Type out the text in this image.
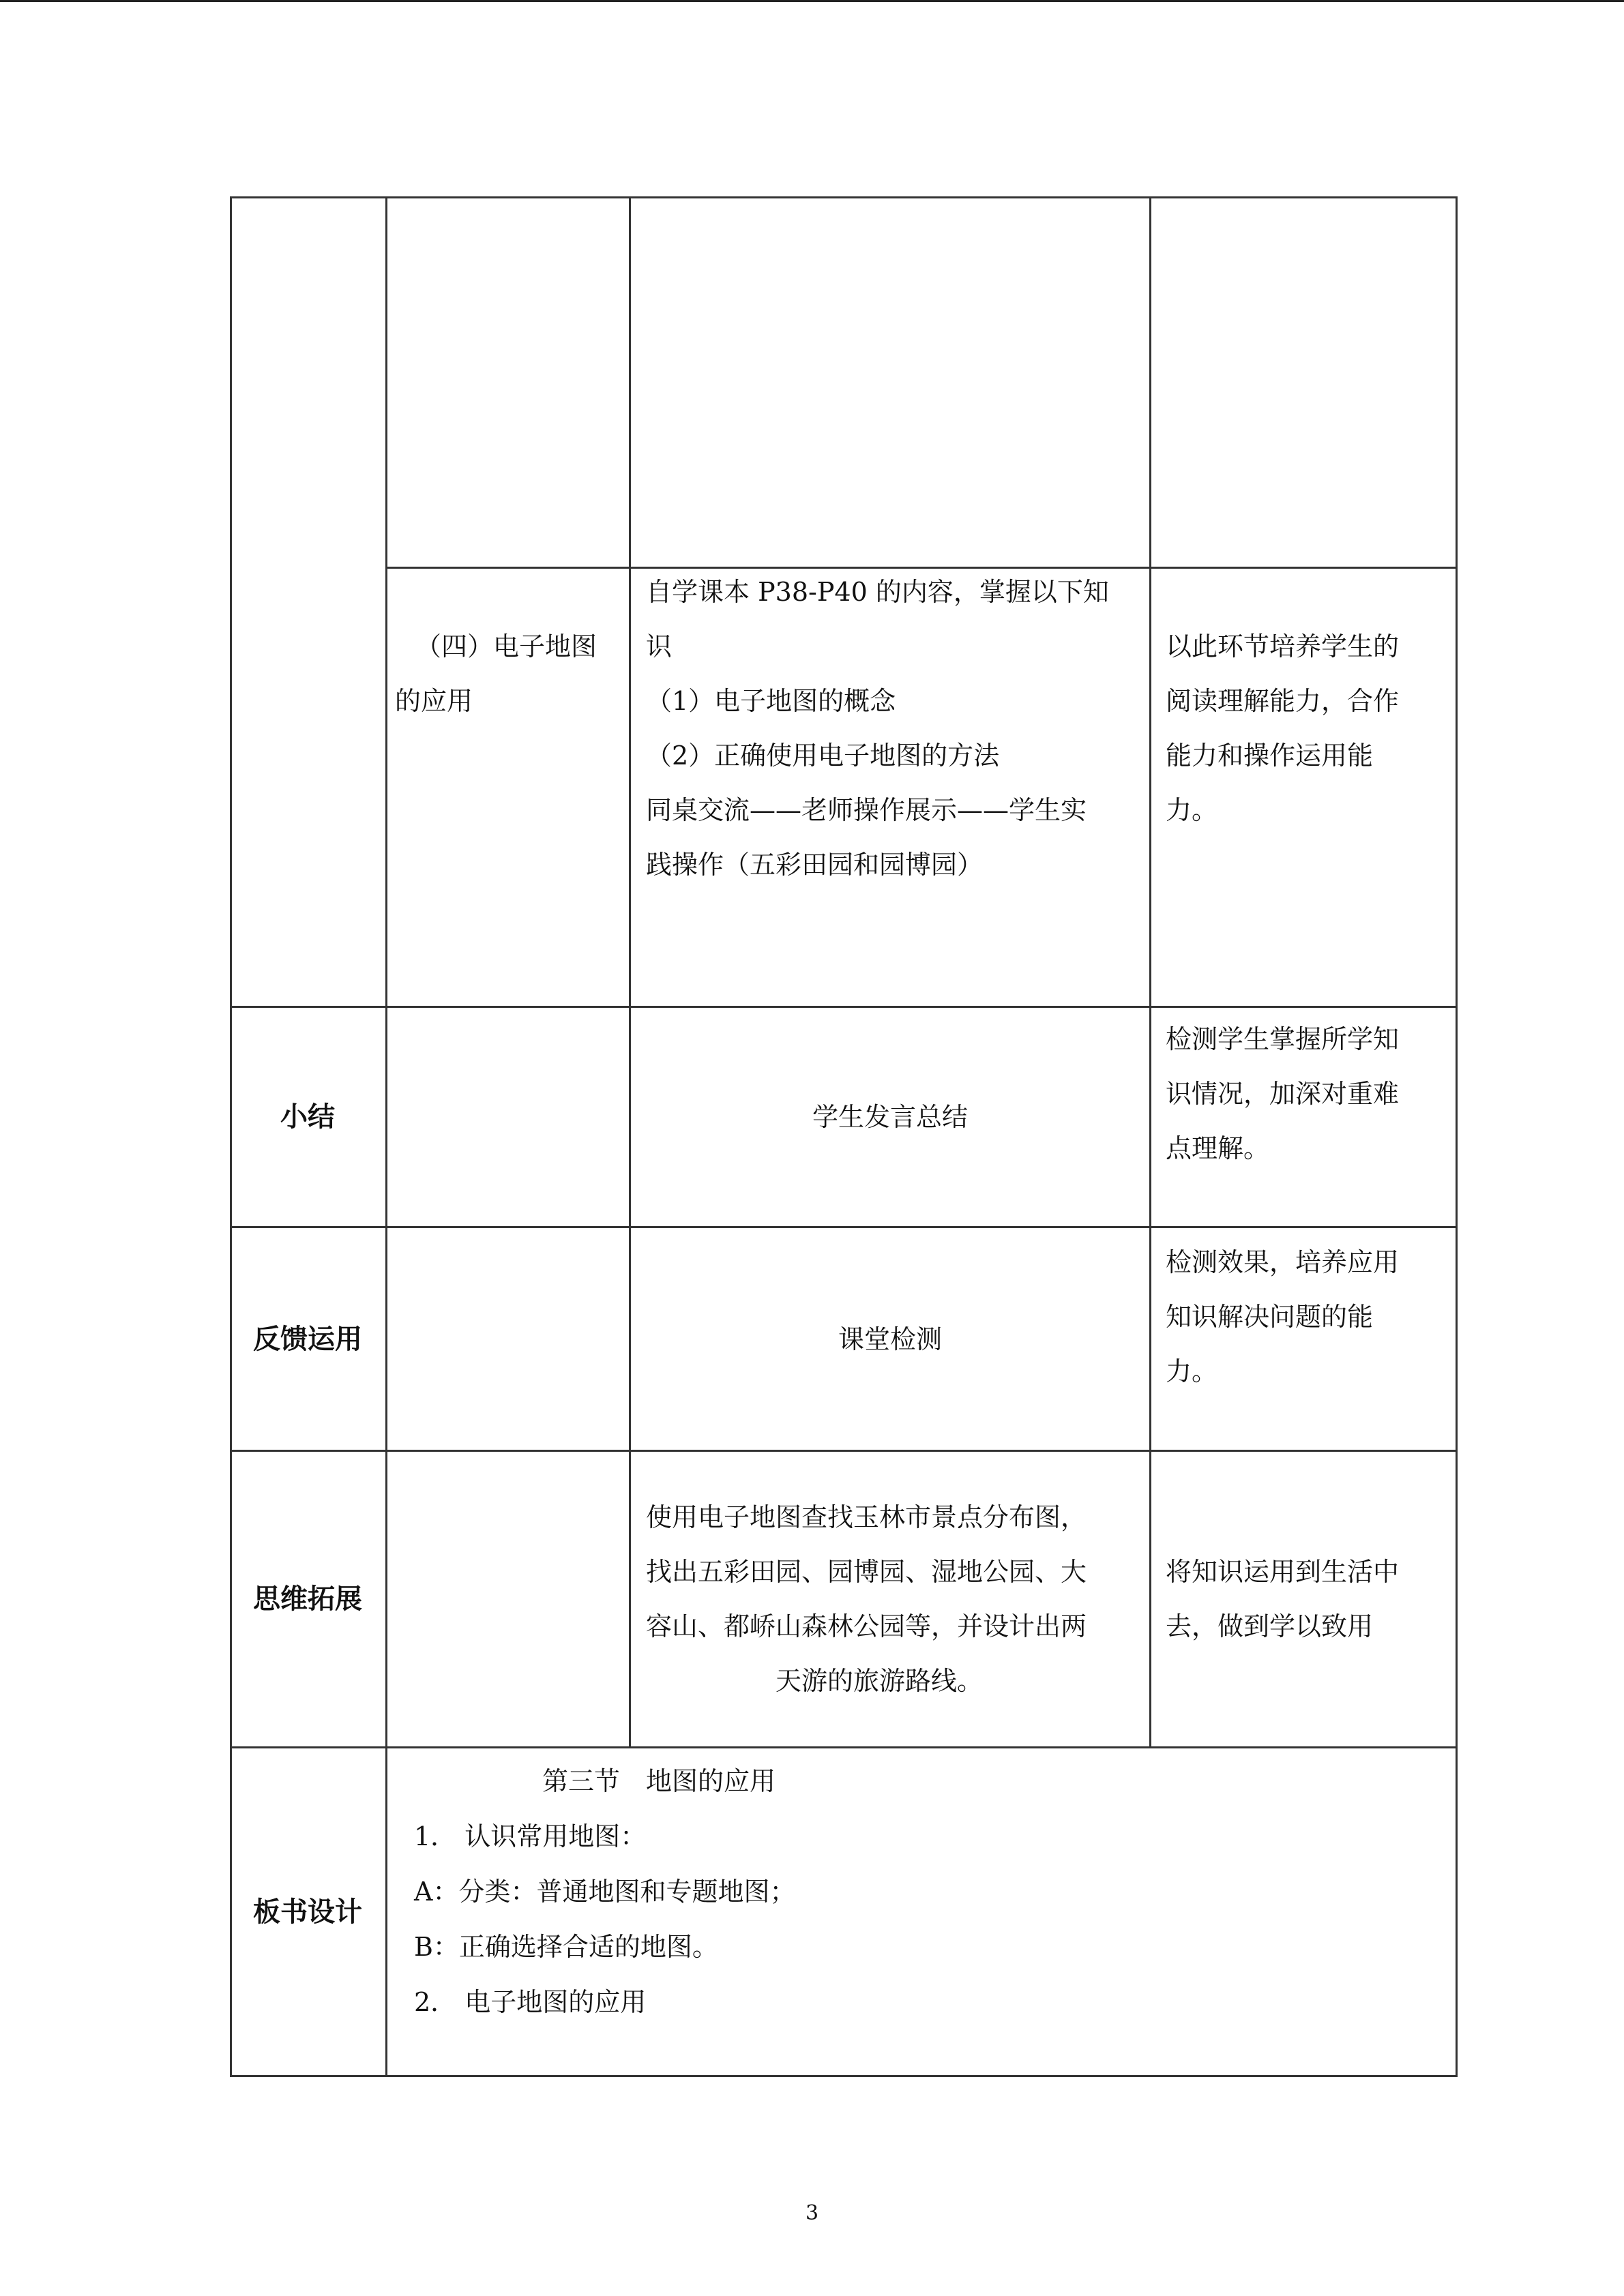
（四）电子地图
的应用
自学课本 P38-P40 的内容，掌握以下知
识
（1）电子地图的概念
（2）正确使用电子地图的方法
同桌交流——老师操作展示——学生实
践操作（五彩田园和园博园）
以此环节培养学生的
阅读理解能力，合作
能力和操作运用能
力。
小结	学生发言总结
检测学生掌握所学知
识情况，加深对重难
点理解。
反馈运用	课堂检测
检测效果，培养应用
知识解决问题的能
力。
思维拓展
使用电子地图查找玉林市景点分布图，
找出五彩田园、园博园、湿地公园、大
容山、都峤山森林公园等，并设计出两
天游的旅游路线。
将知识运用到生活中
去，做到学以致用
板书设计
第三节　地图的应用
1． 认识常用地图：
A：分类：普通地图和专题地图；
B：正确选择合适的地图。
2． 电子地图的应用
3
